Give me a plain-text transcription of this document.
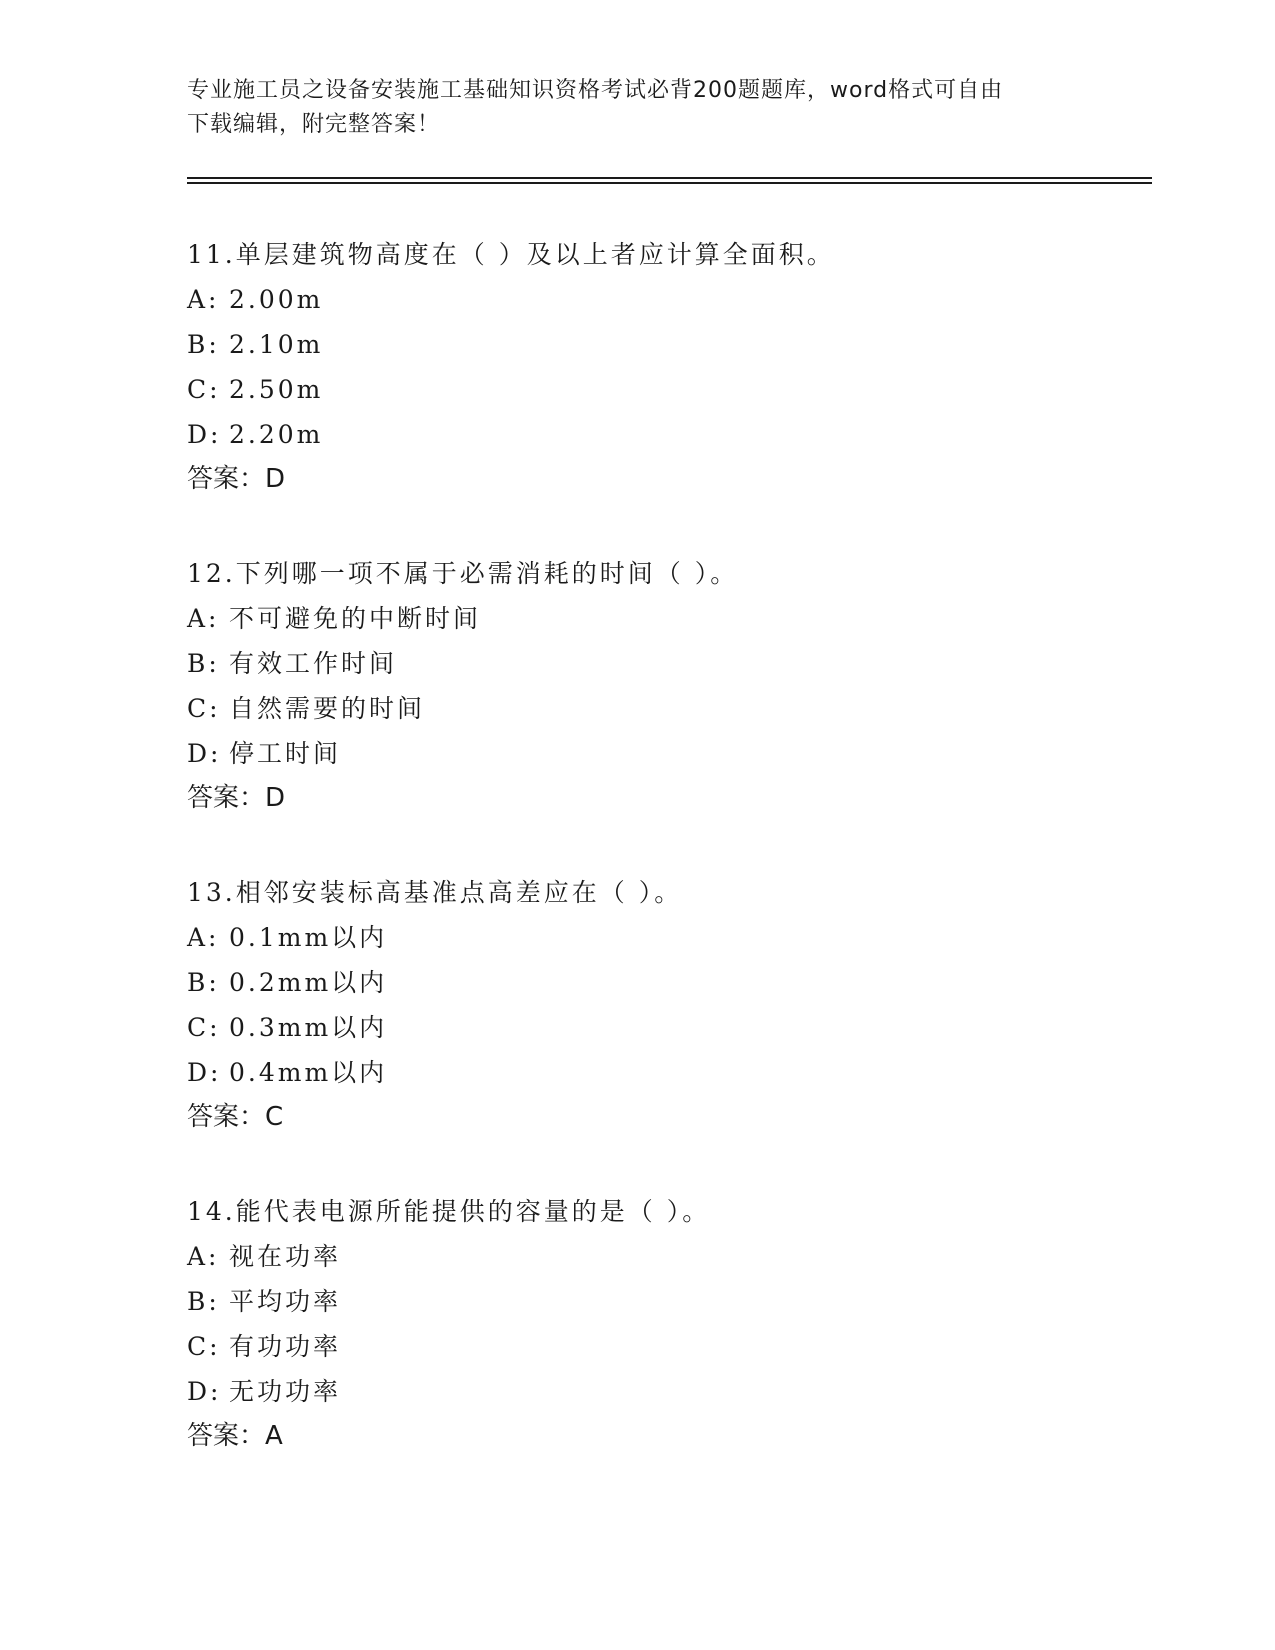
专业施工员之设备安装施工基础知识资格考试必背200题题库，word格式可自由
下载编辑，附完整答案！
11.单层建筑物高度在（ ）及以上者应计算全面积。
A: 2.00m
B: 2.10m
C: 2.50m
D: 2.20m
答案：D
12.下列哪一项不属于必需消耗的时间（ ）。
A: 不可避免的中断时间
B: 有效工作时间
C: 自然需要的时间
D: 停工时间
答案：D
13.相邻安装标高基准点高差应在（ ）。
A: 0.1mm以内
B: 0.2mm以内
C: 0.3mm以内
D: 0.4mm以内
答案：C
14.能代表电源所能提供的容量的是（ ）。
A: 视在功率
B: 平均功率
C: 有功功率
D: 无功功率
答案：A
